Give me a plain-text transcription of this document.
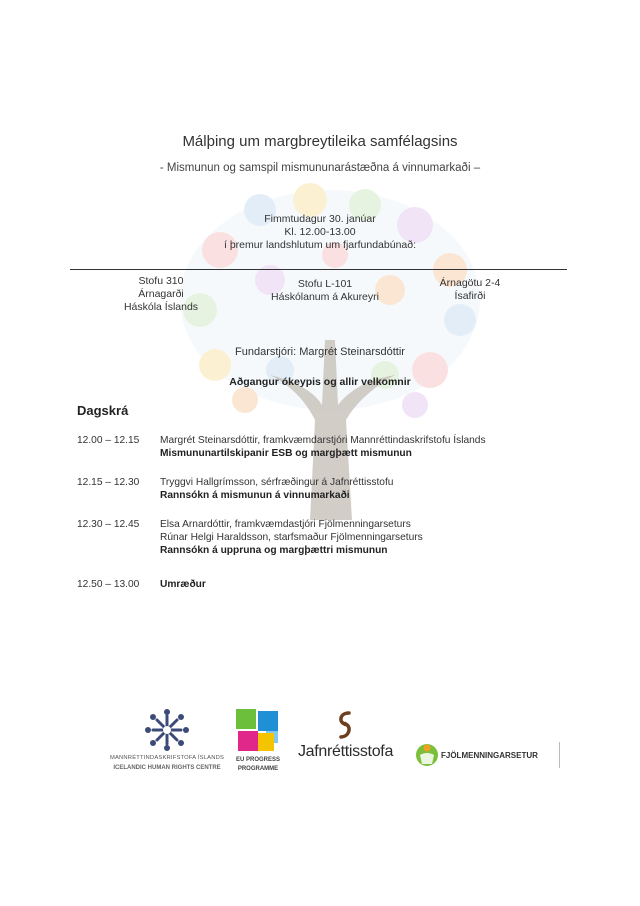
Málþing um margbreytileika samfélagsins
- Mismunun og samspil mismununarástæðna á vinnumarkaði –
Fimmtudagur 30. janúar
Kl. 12.00-13.00
í þremur landshlutum um fjarfundabúnað:
Stofu 310
Árnagarði
Háskóla Íslands
Stofu L-101
Háskólanum á Akureyri
Árnagötu 2-4
Ísafirði
Fundarstjóri: Margrét Steinarsdóttir
Aðgangur ókeypis og allir velkomnir
Dagskrá
12.00 – 12.15	Margrét Steinarsdóttir, framkvæmdarstjóri Mannréttindaskrifstofu Íslands
Mismununartilskipanir ESB og margþætt mismunun
12.15 – 12.30	Tryggvi Hallgrímsson, sérfræðingur á Jafnréttisstofu
Rannsókn á mismunun á vinnumarkaði
12.30 – 12.45	Elsa Arnardóttir, framkvæmdastjóri Fjölmenningarseturs
Rúnar Helgi Haraldsson, starfsmaður Fjölmenningarseturs
Rannsókn á uppruna og margþættri mismunun
12.50 – 13.00	Umræður
MANNRÉTTINDASKRIFSTOFA ÍSLANDS
ICELANDIC HUMAN RIGHTS CENTRE
EU PROGRESS
PROGRAMME
Jafnréttisstofa	FJÖLMENNINGARSETUR
